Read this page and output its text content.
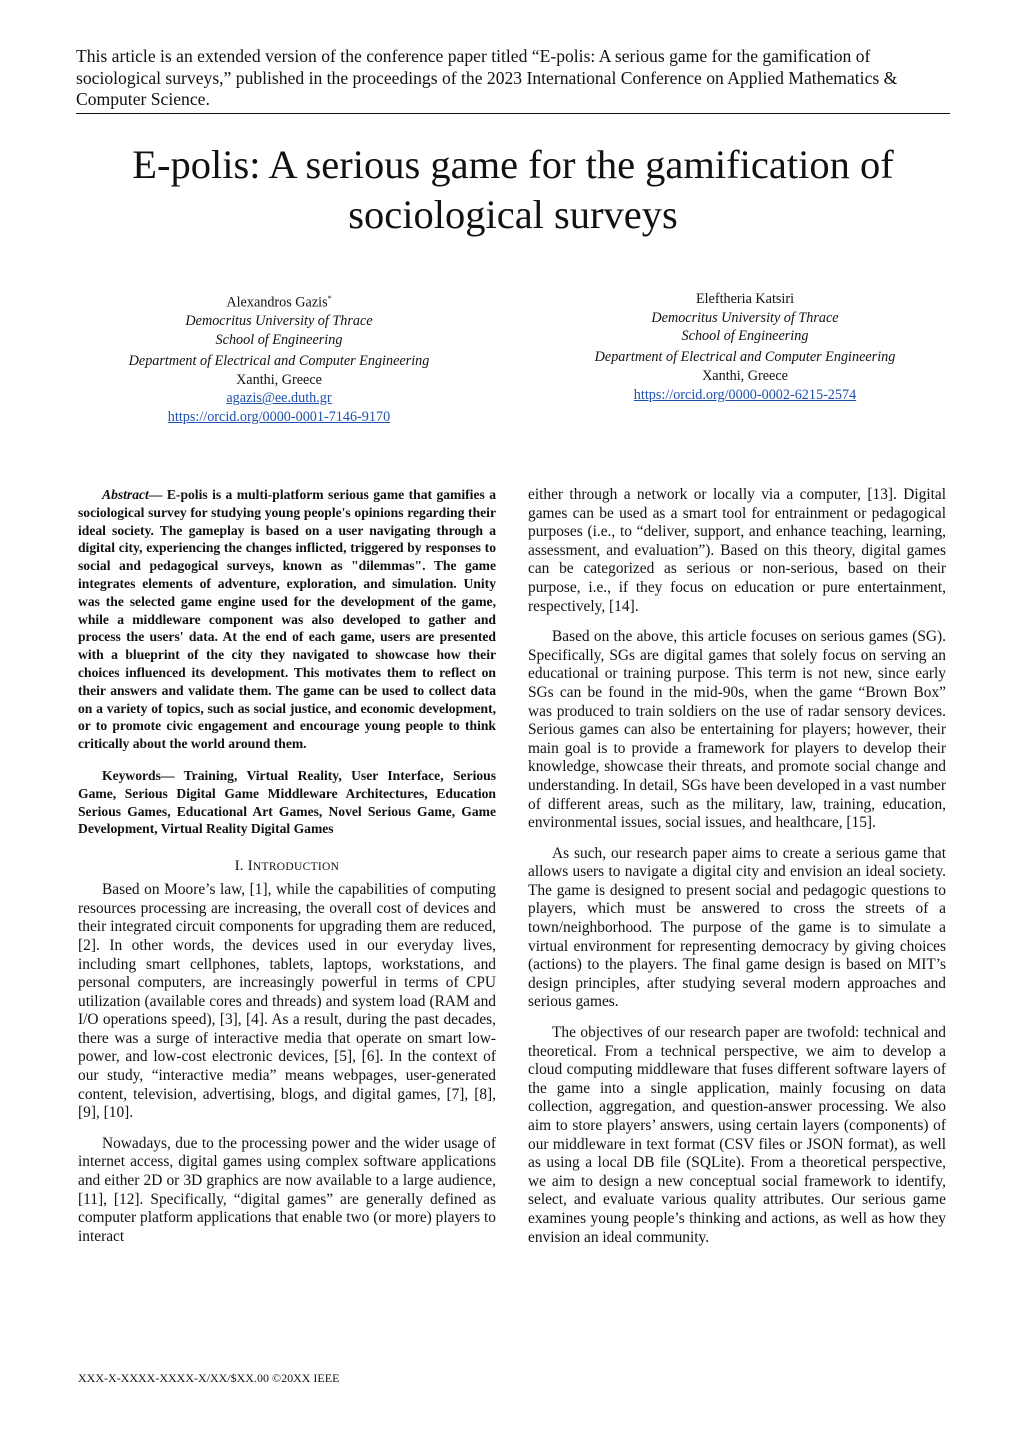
This article is an extended version of the conference paper titled “E-polis: A serious game for the gamification of sociological surveys,” published in the proceedings of the 2023 International Conference on Applied Mathematics & Computer Science.
E-polis: A serious game for the gamification of
sociological surveys
Alexandros Gazis*
Democritus University of Thrace
School of Engineering
Department of Electrical and Computer Engineering
Xanthi, Greece
agazis@ee.duth.gr
https://orcid.org/0000-0001-7146-9170
Eleftheria Katsiri
Democritus University of Thrace
School of Engineering
Department of Electrical and Computer Engineering
Xanthi, Greece
https://orcid.org/0000-0002-6215-2574

Abstract— E-polis is a multi-platform serious game that gamifies a sociological survey for studying young people's opinions regarding their ideal society. The gameplay is based on a user navigating through a digital city, experiencing the changes inflicted, triggered by responses to social and pedagogical surveys, known as "dilemmas". The game integrates elements of adventure, exploration, and simulation. Unity was the selected game engine used for the development of the game, while a middleware component was also developed to gather and process the users' data. At the end of each game, users are presented with a blueprint of the city they navigated to showcase how their choices influenced its development. This motivates them to reflect on their answers and validate them. The game can be used to collect data on a variety of topics, such as social justice, and economic development, or to promote civic engagement and encourage young people to think critically about the world around them.

Keywords— Training, Virtual Reality, User Interface, Serious Game, Serious Digital Game Middleware Architectures, Education Serious Games, Educational Art Games, Novel Serious Game, Game Development, Virtual Reality Digital Games

I. INTRODUCTION

Based on Moore’s law, [1], while the capabilities of computing resources processing are increasing, the overall cost of devices and their integrated circuit components for upgrading them are reduced, [2]. In other words, the devices used in our everyday lives, including smart cellphones, tablets, laptops, workstations, and personal computers, are increasingly powerful in terms of CPU utilization (available cores and threads) and system load (RAM and I/O operations speed), [3], [4]. As a result, during the past decades, there was a surge of interactive media that operate on smart low-power, and low-cost electronic devices, [5], [6]. In the context of our study, “interactive media” means webpages, user-generated content, television, advertising, blogs, and digital games, [7], [8], [9], [10].

Nowadays, due to the processing power and the wider usage of internet access, digital games using complex software applications and either 2D or 3D graphics are now available to a large audience, [11], [12]. Specifically, “digital games” are generally defined as computer platform applications that enable two (or more) players to interact

either through a network or locally via a computer, [13]. Digital games can be used as a smart tool for entrainment or pedagogical purposes (i.e., to “deliver, support, and enhance teaching, learning, assessment, and evaluation”). Based on this theory, digital games can be categorized as serious or non-serious, based on their purpose, i.e., if they focus on education or pure entertainment, respectively, [14].

Based on the above, this article focuses on serious games (SG). Specifically, SGs are digital games that solely focus on serving an educational or training purpose. This term is not new, since early SGs can be found in the mid-90s, when the game “Brown Box” was produced to train soldiers on the use of radar sensory devices. Serious games can also be entertaining for players; however, their main goal is to provide a framework for players to develop their knowledge, showcase their threats, and promote social change and understanding. In detail, SGs have been developed in a vast number of different areas, such as the military, law, training, education, environmental issues, social issues, and healthcare, [15].

As such, our research paper aims to create a serious game that allows users to navigate a digital city and envision an ideal society. The game is designed to present social and pedagogic questions to players, which must be answered to cross the streets of a town/neighborhood. The purpose of the game is to simulate a virtual environment for representing democracy by giving choices (actions) to the players. The final game design is based on MIT’s design principles, after studying several modern approaches and serious games.

The objectives of our research paper are twofold: technical and theoretical. From a technical perspective, we aim to develop a cloud computing middleware that fuses different software layers of the game into a single application, mainly focusing on data collection, aggregation, and question-answer processing. We also aim to store players’ answers, using certain layers (components) of our middleware in text format (CSV files or JSON format), as well as using a local DB file (SQLite). From a theoretical perspective, we aim to design a new conceptual social framework to identify, select, and evaluate various quality attributes. Our serious game examines young people’s thinking and actions, as well as how they envision an ideal community.

XXX-X-XXXX-XXXX-X/XX/$XX.00 ©20XX IEEE
